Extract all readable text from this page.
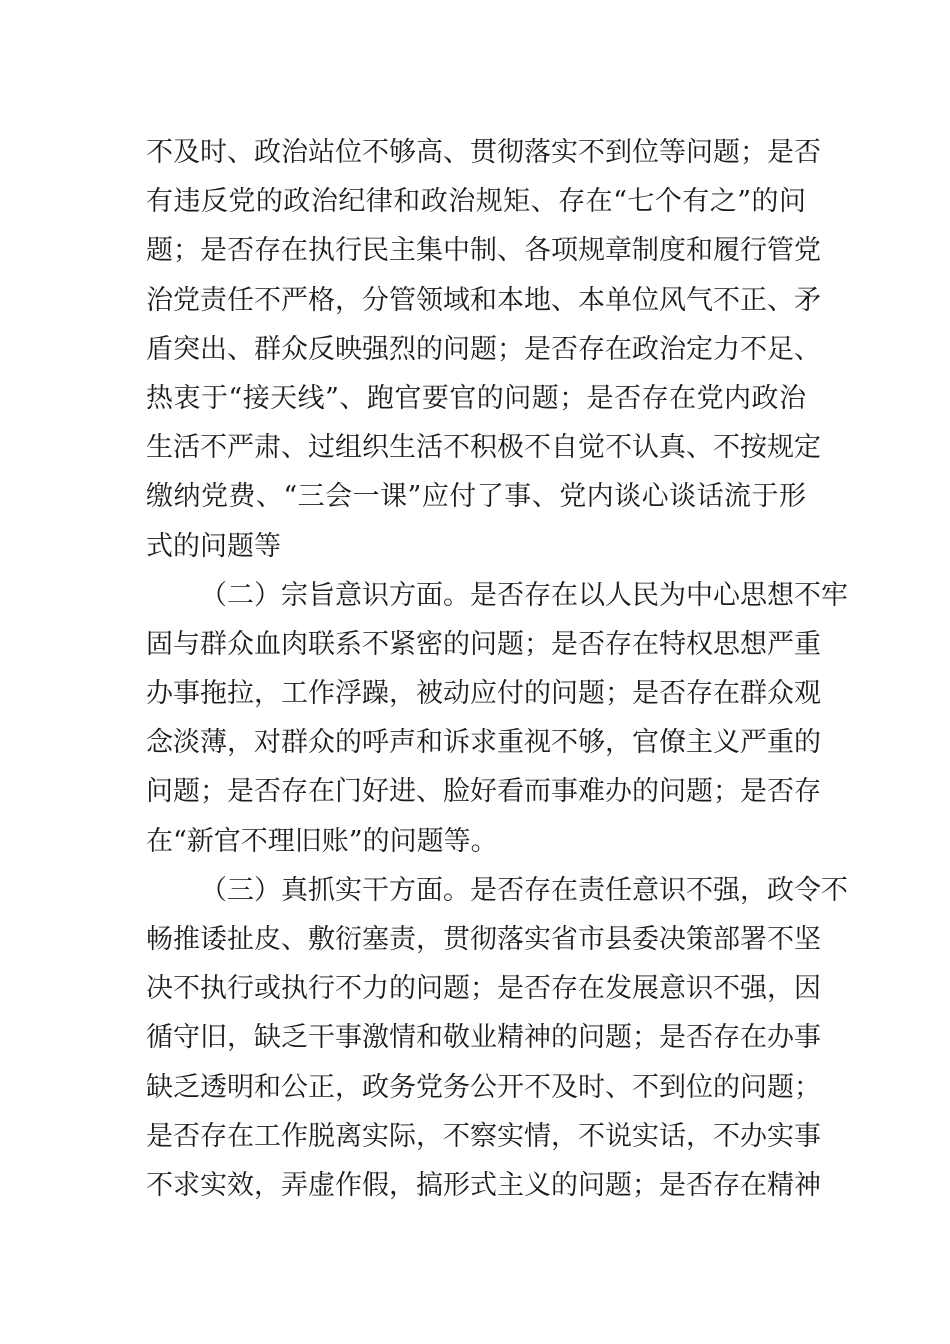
不及时、政治站位不够高、贯彻落实不到位等问题；是否
有违反党的政治纪律和政治规矩、存在“七个有之”的问
题；是否存在执行民主集中制、各项规章制度和履行管党
治党责任不严格，分管领域和本地、本单位风气不正、矛
盾突出、群众反映强烈的问题；是否存在政治定力不足、
热衷于“接天线”、跑官要官的问题；是否存在党内政治
生活不严肃、过组织生活不积极不自觉不认真、不按规定
缴纳党费、“三会一课”应付了事、党内谈心谈话流于形
式的问题等
（二）宗旨意识方面。是否存在以人民为中心思想不牢
固与群众血肉联系不紧密的问题；是否存在特权思想严重
办事拖拉，工作浮躁，被动应付的问题；是否存在群众观
念淡薄，对群众的呼声和诉求重视不够，官僚主义严重的
问题；是否存在门好进、脸好看而事难办的问题；是否存
在“新官不理旧账”的问题等。
（三）真抓实干方面。是否存在责任意识不强，政令不
畅推诿扯皮、敷衍塞责，贯彻落实省市县委决策部署不坚
决不执行或执行不力的问题；是否存在发展意识不强，因
循守旧，缺乏干事激情和敬业精神的问题；是否存在办事
缺乏透明和公正，政务党务公开不及时、不到位的问题；
是否存在工作脱离实际，不察实情，不说实话，不办实事
不求实效，弄虚作假，搞形式主义的问题；是否存在精神
